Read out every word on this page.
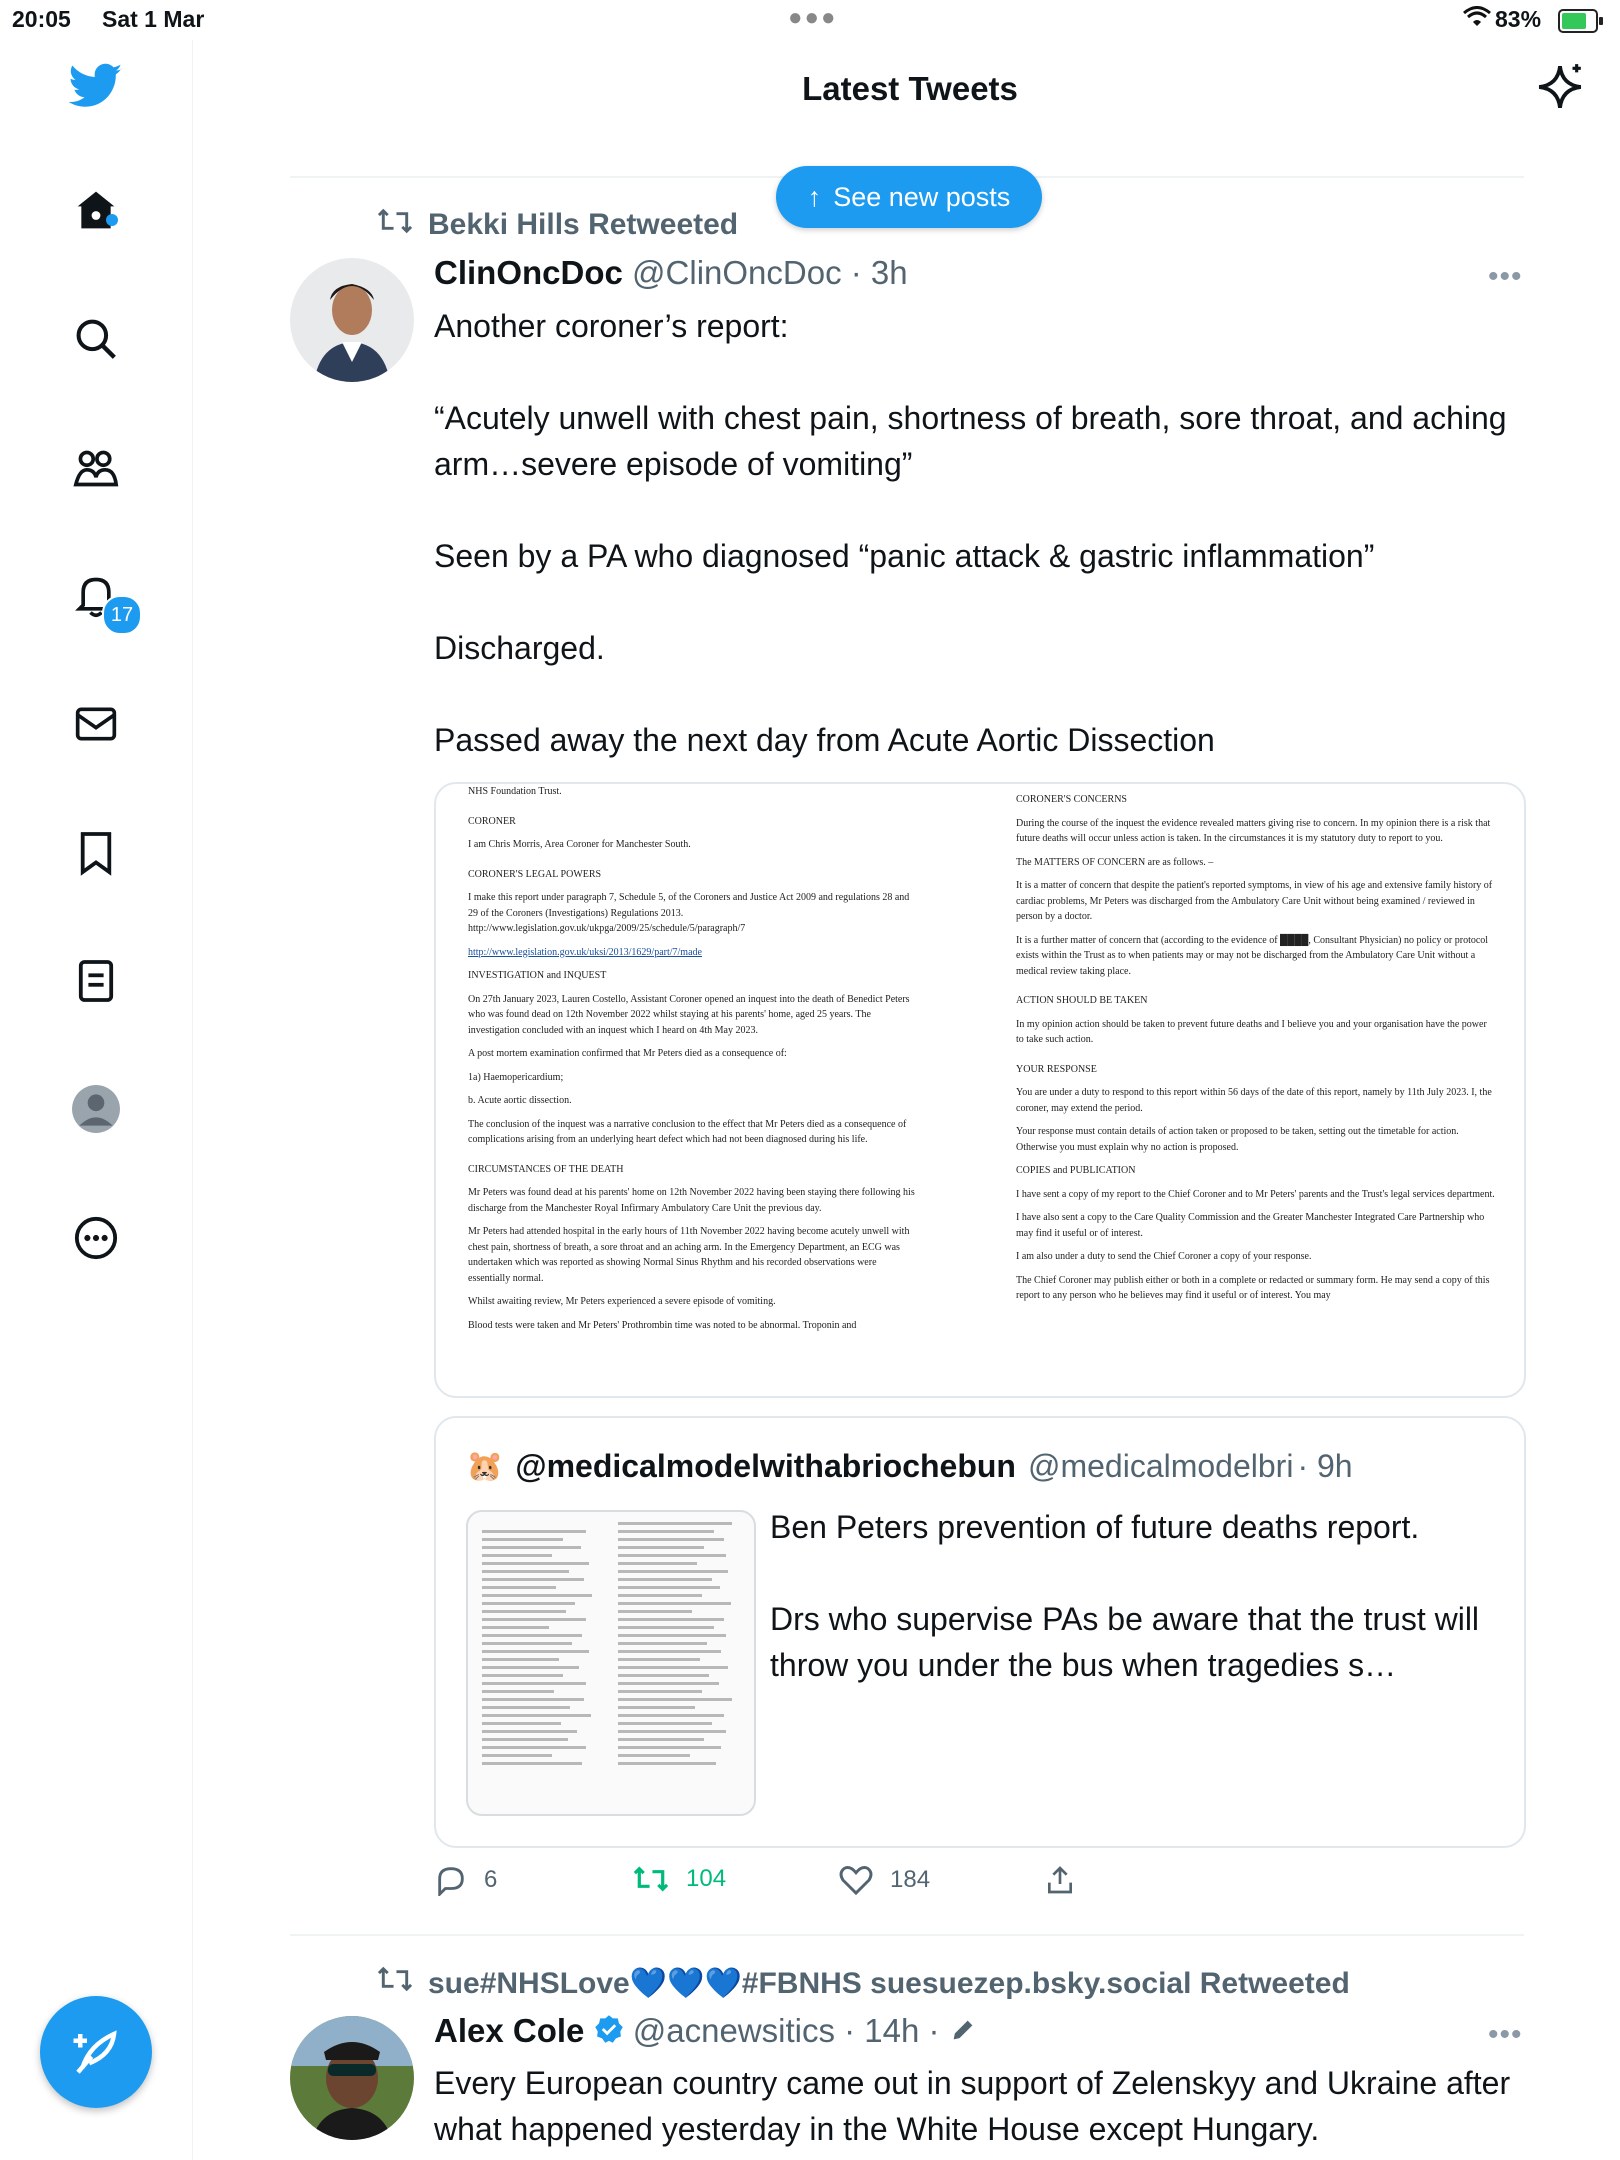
20:05 Sat 1 Mar	●●●	83%
17
Latest Tweets
↑ See new posts
Bekki Hills Retweeted
ClinOncDoc @ClinOncDoc · 3h	•••
Another coroner’s report:

“Acutely unwell with chest pain, shortness of breath, sore throat, and aching arm…severe episode of vomiting”

Seen by a PA who diagnosed “panic attack & gastric inflammation”

Discharged.

Passed away the next day from Acute Aortic Dissection

NHS Foundation Trust.

CORONER

I am Chris Morris, Area Coroner for Manchester South.

CORONER'S LEGAL POWERS

I make this report under paragraph 7, Schedule 5, of the Coroners and Justice Act 2009 and regulations 28 and 29 of the Coroners (Investigations) Regulations 2013. http://www.legislation.gov.uk/ukpga/2009/25/schedule/5/paragraph/7

http://www.legislation.gov.uk/uksi/2013/1629/part/7/made

INVESTIGATION and INQUEST

On 27th January 2023, Lauren Costello, Assistant Coroner opened an inquest into the death of Benedict Peters who was found dead on 12th November 2022 whilst staying at his parents' home, aged 25 years. The investigation concluded with an inquest which I heard on 4th May 2023.

A post mortem examination confirmed that Mr Peters died as a consequence of:

1a) Haemopericardium;

b. Acute aortic dissection.

The conclusion of the inquest was a narrative conclusion to the effect that Mr Peters died as a consequence of complications arising from an underlying heart defect which had not been diagnosed during his life.

CIRCUMSTANCES OF THE DEATH

Mr Peters was found dead at his parents' home on 12th November 2022 having been staying there following his discharge from the Manchester Royal Infirmary Ambulatory Care Unit the previous day.

Mr Peters had attended hospital in the early hours of 11th November 2022 having become acutely unwell with chest pain, shortness of breath, a sore throat and an aching arm. In the Emergency Department, an ECG was undertaken which was reported as showing Normal Sinus Rhythm and his recorded observations were essentially normal.

Whilst awaiting review, Mr Peters experienced a severe episode of vomiting.

Blood tests were taken and Mr Peters' Prothrombin time was noted to be abnormal. Troponin and

CORONER'S CONCERNS

During the course of the inquest the evidence revealed matters giving rise to concern. In my opinion there is a risk that future deaths will occur unless action is taken. In the circumstances it is my statutory duty to report to you.

The MATTERS OF CONCERN are as follows. –

It is a matter of concern that despite the patient's reported symptoms, in view of his age and extensive family history of cardiac problems, Mr Peters was discharged from the Ambulatory Care Unit without being examined / reviewed in person by a doctor.

It is a further matter of concern that (according to the evidence of ████, Consultant Physician) no policy or protocol exists within the Trust as to when patients may or may not be discharged from the Ambulatory Care Unit without a medical review taking place.

ACTION SHOULD BE TAKEN

In my opinion action should be taken to prevent future deaths and I believe you and your organisation have the power to take such action.

YOUR RESPONSE

You are under a duty to respond to this report within 56 days of the date of this report, namely by 11th July 2023. I, the coroner, may extend the period.

Your response must contain details of action taken or proposed to be taken, setting out the timetable for action. Otherwise you must explain why no action is proposed.

COPIES and PUBLICATION

I have sent a copy of my report to the Chief Coroner and to Mr Peters' parents and the Trust's legal services department.

I have also sent a copy to the Care Quality Commission and the Greater Manchester Integrated Care Partnership who may find it useful or of interest.

I am also under a duty to send the Chief Coroner a copy of your response.

The Chief Coroner may publish either or both in a complete or redacted or summary form. He may send a copy of this report to any person who he believes may find it useful or of interest. You may

🐹 @medicalmodelwithabriochebun @medicalmodelbri · 9h
Ben Peters prevention of future deaths report.

Drs who supervise PAs be aware that the trust will throw you under the bus when tragedies s…
6	104	184
sue#NHSLove💙💙💙#FBNHS suesuezep.bsky.social Retweeted
Alex Cole @acnewsitics · 14h ·	•••
Every European country came out in support of Zelenskyy and Ukraine after what happened yesterday in the White House except Hungary.
